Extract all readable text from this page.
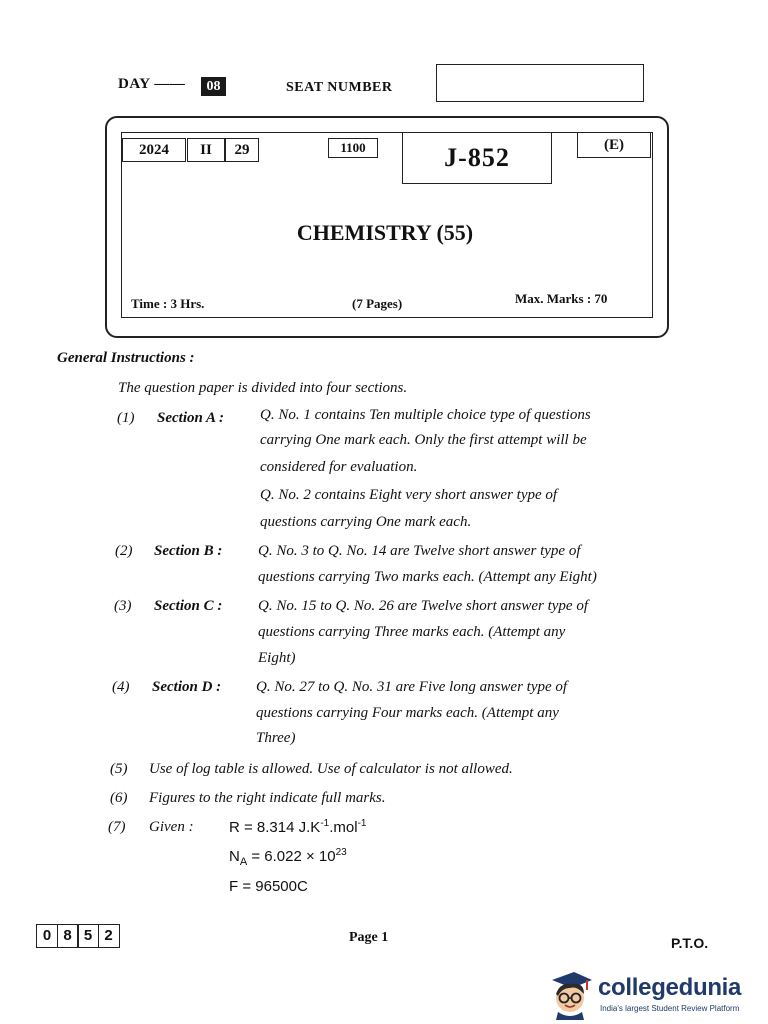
DAY ——	08	SEAT NUMBER
2024	II	29	1100	J-852	(E)
CHEMISTRY (55)
Time : 3 Hrs.	(7 Pages)	Max. Marks : 70
General Instructions :
The question paper is divided into four sections.
(1) Section A : Q. No. 1 contains Ten multiple choice type of questions
carrying One mark each. Only the first attempt will be
considered for evaluation.
Q. No. 2 contains Eight very short answer type of
questions carrying One mark each.
(2) Section B : Q. No. 3 to Q. No. 14 are Twelve short answer type of
questions carrying Two marks each. (Attempt any Eight)
(3) Section C : Q. No. 15 to Q. No. 26 are Twelve short answer type of
questions carrying Three marks each. (Attempt any
Eight)
(4) Section D : Q. No. 27 to Q. No. 31 are Five long answer type of
questions carrying Four marks each. (Attempt any
Three)
(5) Use of log table is allowed. Use of calculator is not allowed.
(6) Figures to the right indicate full marks.
(7) Given : R = 8.314 $J.K^{-1}.mol^{-1}$
$N_A = 6.022 \times 10^{23}$
F = 96500C
0 8 5 2	Page 1	P.T.O.
collegedunia
India's largest Student Review Platform
